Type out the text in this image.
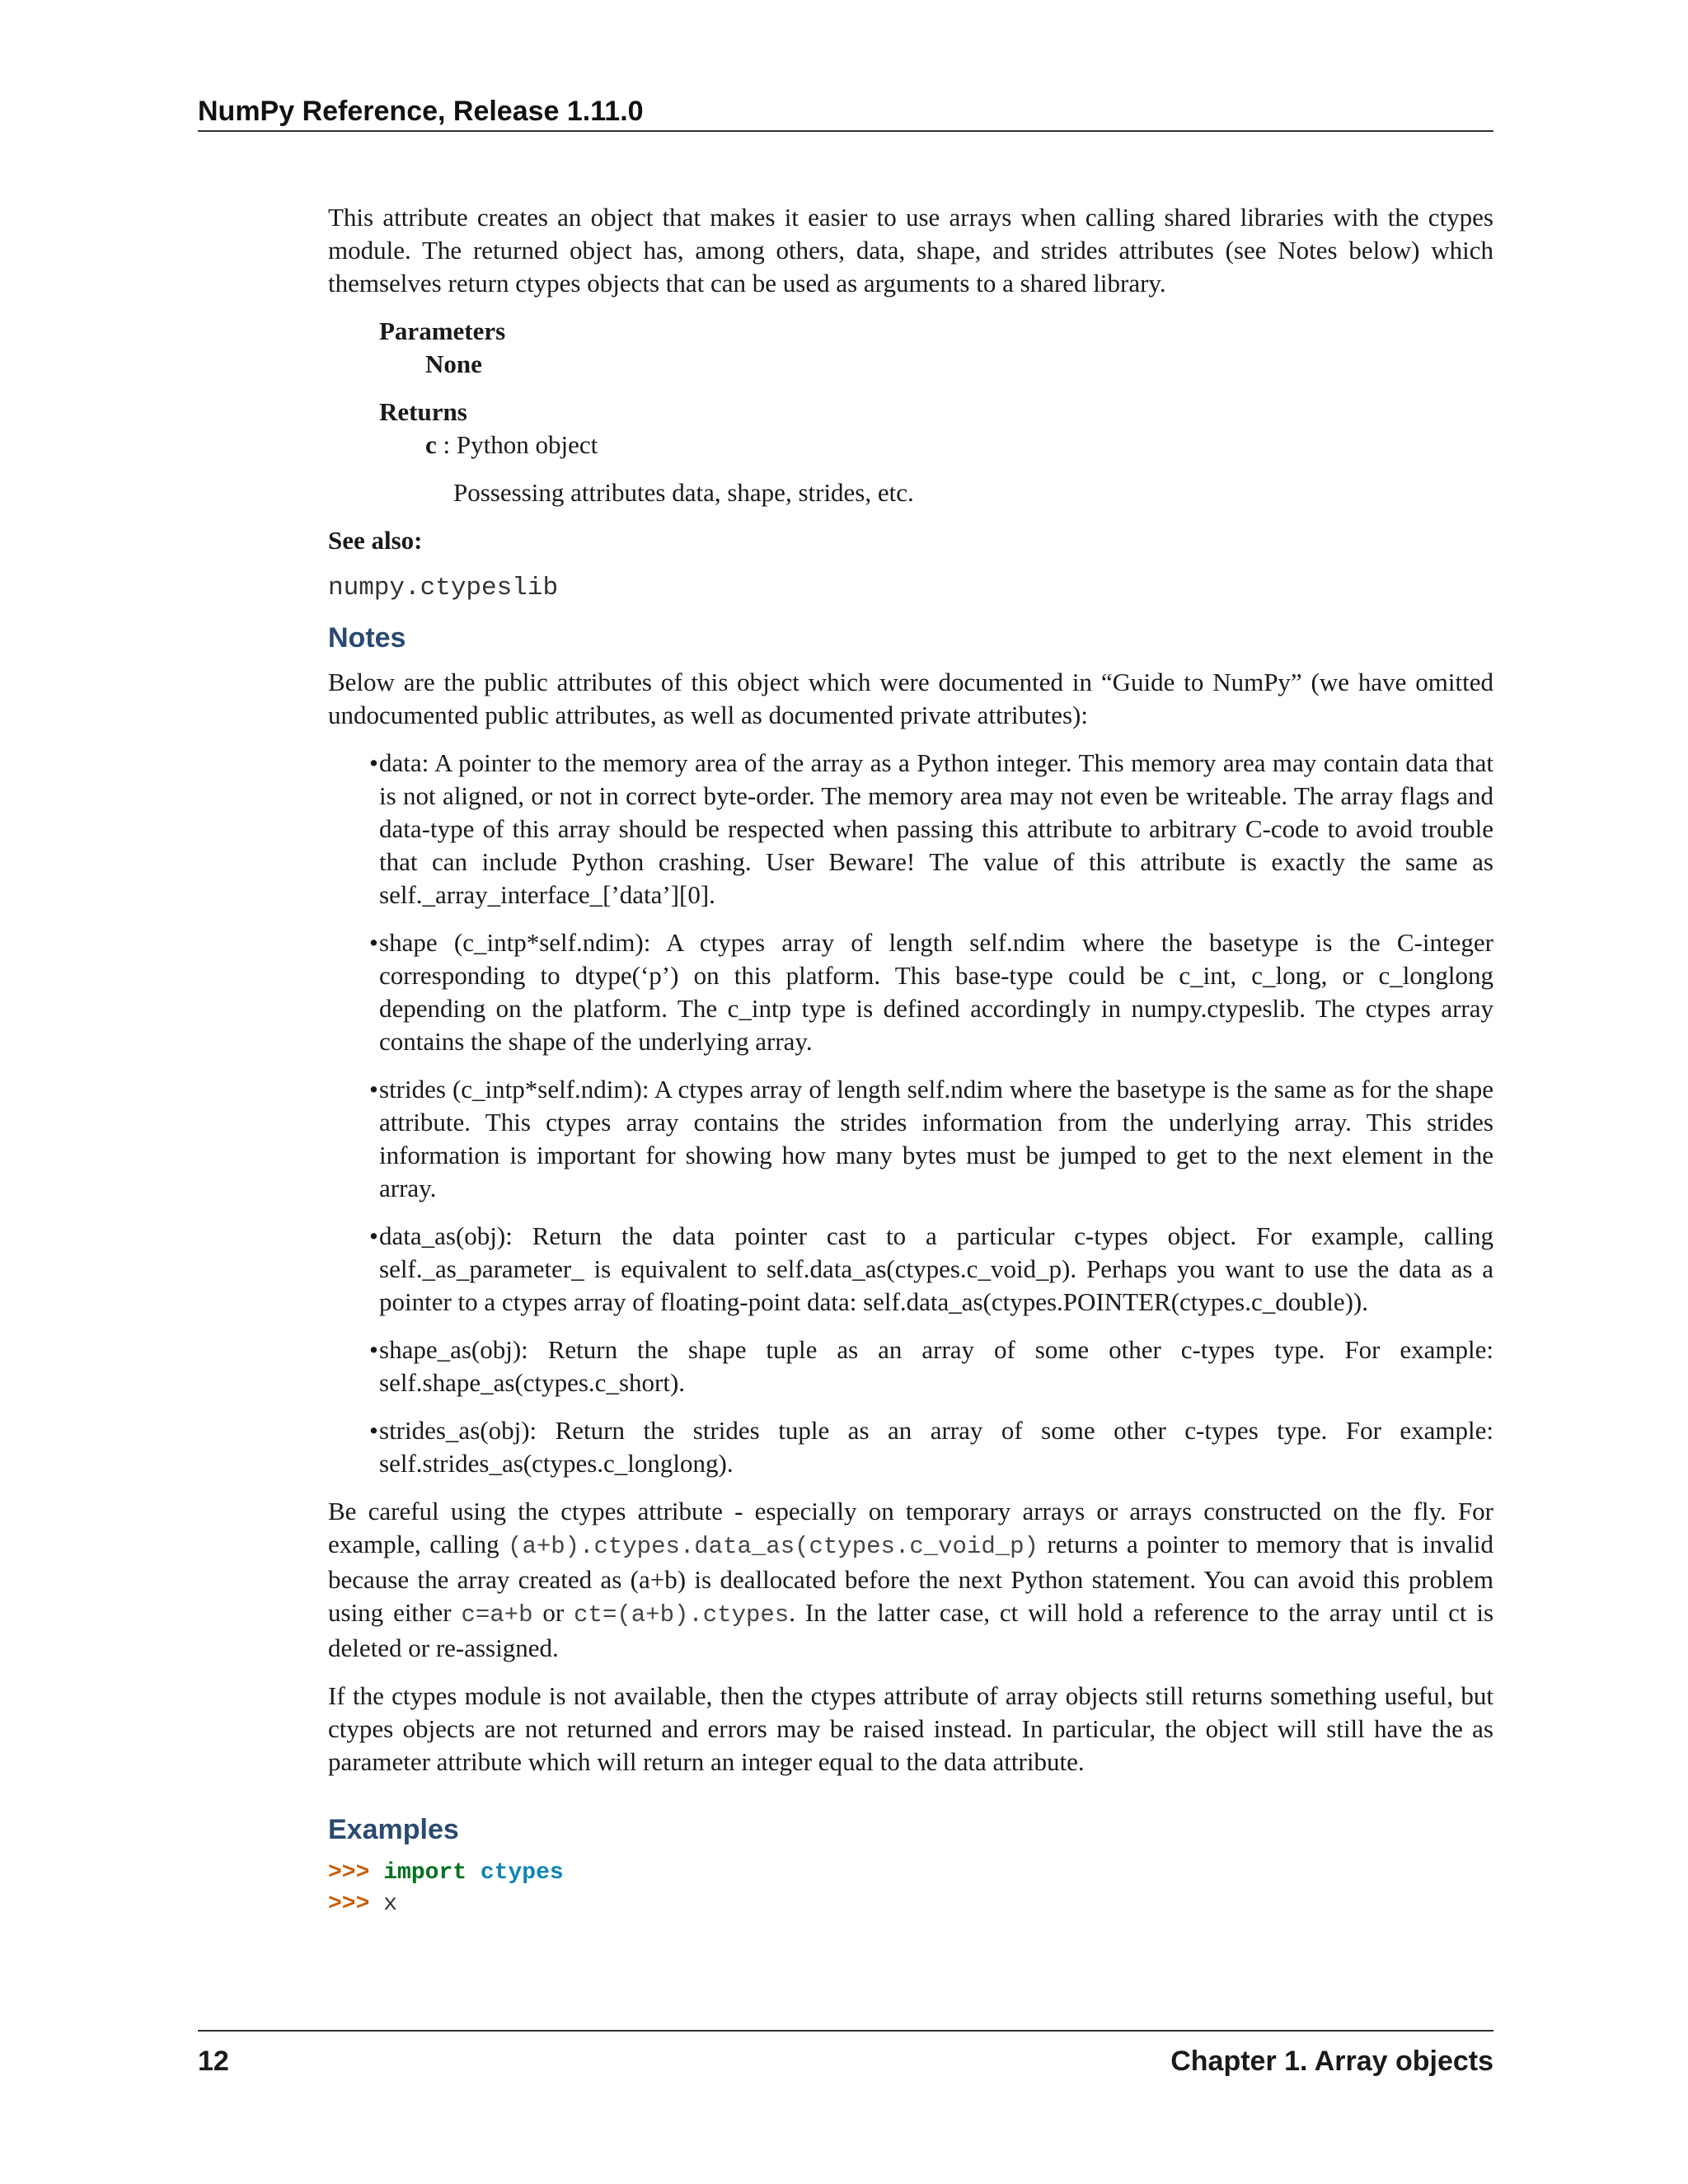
NumPy Reference, Release 1.11.0

This attribute creates an object that makes it easier to use arrays when calling shared libraries with the ctypes module. The returned object has, among others, data, shape, and strides attributes (see Notes below) which themselves return ctypes objects that can be used as arguments to a shared library.

Parameters
None
Returns
c : Python object
Possessing attributes data, shape, strides, etc.
See also:
numpy.ctypeslib
Notes

Below are the public attributes of this object which were documented in “Guide to NumPy” (we have omitted undocumented public attributes, as well as documented private attributes):

• data: A pointer to the memory area of the array as a Python integer. This memory area may contain data that is not aligned, or not in correct byte-order. The memory area may not even be writeable. The array flags and data-type of this array should be respected when passing this attribute to arbitrary C-code to avoid trouble that can include Python crashing. User Beware! The value of this attribute is exactly the same as self._array_interface_[’data’][0].
• shape (c_intp*self.ndim): A ctypes array of length self.ndim where the basetype is the C-integer corresponding to dtype(‘p’) on this platform. This base-type could be c_int, c_long, or c_longlong depending on the platform. The c_intp type is defined accordingly in numpy.ctypeslib. The ctypes array contains the shape of the underlying array.
• strides (c_intp*self.ndim): A ctypes array of length self.ndim where the basetype is the same as for the shape attribute. This ctypes array contains the strides information from the underlying array. This strides information is important for showing how many bytes must be jumped to get to the next element in the array.
• data_as(obj): Return the data pointer cast to a particular c-types object. For example, calling self._as_parameter_ is equivalent to self.data_as(ctypes.c_void_p). Perhaps you want to use the data as a pointer to a ctypes array of floating-point data: self.data_as(ctypes.POINTER(ctypes.c_double)).
• shape_as(obj): Return the shape tuple as an array of some other c-types type. For example: self.shape_as(ctypes.c_short).
• strides_as(obj): Return the strides tuple as an array of some other c-types type. For example: self.strides_as(ctypes.c_longlong).

Be careful using the ctypes attribute - especially on temporary arrays or arrays constructed on the fly. For example, calling (a+b).ctypes.data_as(ctypes.c_void_p) returns a pointer to memory that is invalid because the array created as (a+b) is deallocated before the next Python statement. You can avoid this problem using either c=a+b or ct=(a+b).ctypes. In the latter case, ct will hold a reference to the array until ct is deleted or re-assigned.

If the ctypes module is not available, then the ctypes attribute of array objects still returns something useful, but ctypes objects are not returned and errors may be raised instead. In particular, the object will still have the as parameter attribute which will return an integer equal to the data attribute.

Examples
>>> import ctypes
>>> x
12	Chapter 1. Array objects
